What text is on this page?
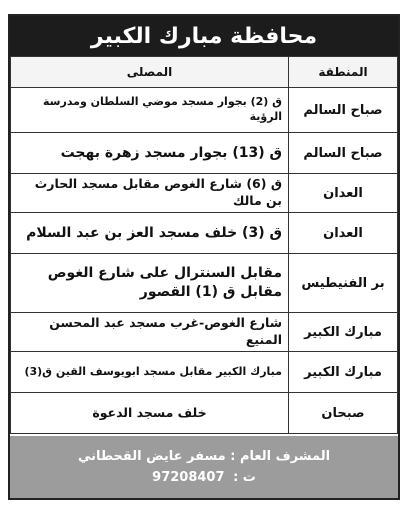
محافظة مبارك الكبير
المنطقة	المصلى
صباح السالم	ق (2) بجوار مسجد موضي السلطان ومدرسة الرؤية
صباح السالم	ق (13) بجوار مسجد زهرة بهجت
العدان	ق (6) شارع الغوص مقابل مسجد الحارث بن مالك
العدان	ق (3) خلف مسجد العز بن عبد السلام
بر الفنيطيس	مقابل السنترال على شارع الغوص مقابل ق (1) القصور
مبارك الكبير	شارع الغوص-غرب مسجد عبد المحسن المنيع
مبارك الكبير	مبارك الكبير مقابل مسجد ابويوسف القين ق(3)
صبحان	خلف مسجد الدعوة
المشرف العام : مسفر عايض القحطاني
ت : 97208407
